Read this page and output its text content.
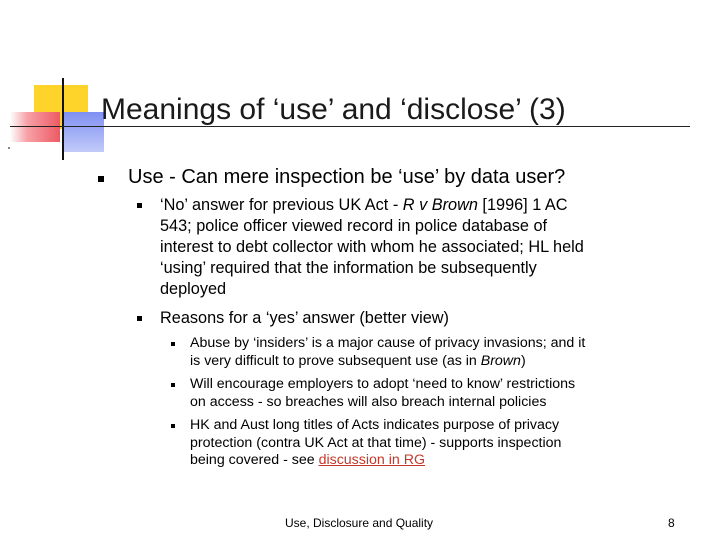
Meanings of ‘use’ and ‘disclose’ (3)
Use - Can mere inspection be ‘use’ by data user?
‘No’ answer for previous UK Act - R v Brown [1996] 1 AC
543; police officer viewed record in police database of
interest to debt collector with whom he associated; HL held
‘using’ required that the information be subsequently
deployed
Reasons for a ‘yes’ answer (better view)
Abuse by ‘insiders’ is a major cause of privacy invasions; and it
is very difficult to prove subsequent use (as in Brown)
Will encourage employers to adopt ‘need to know’ restrictions
on access - so breaches will also breach internal policies
HK and Aust long titles of Acts indicates purpose of privacy
protection (contra UK Act at that time) - supports inspection
being covered - see discussion in RG
Use, Disclosure and Quality	8
